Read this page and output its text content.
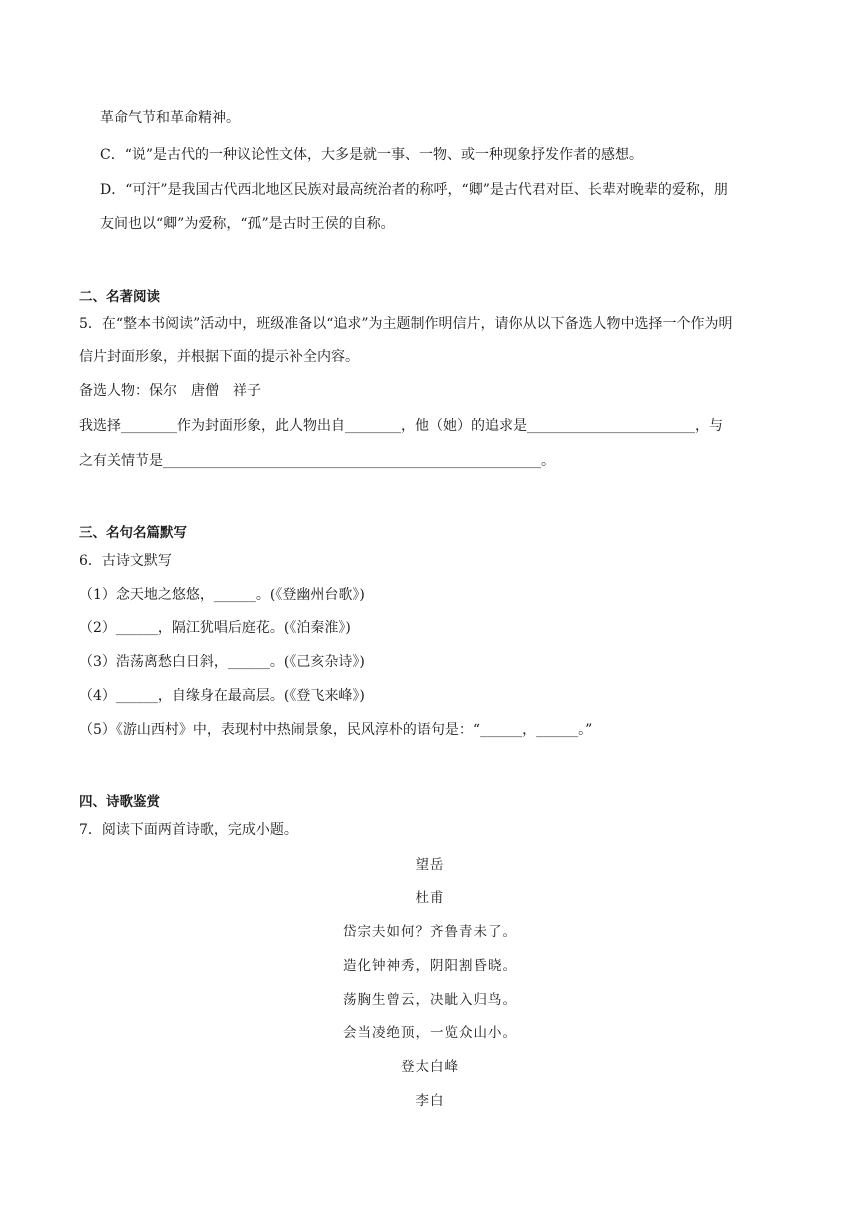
革命气节和革命精神。
C．“说”是古代的一种议论性文体，大多是就一事、一物、或一种现象抒发作者的感想。
D．“可汗”是我国古代西北地区民族对最高统治者的称呼，“卿”是古代君对臣、长辈对晚辈的爱称，朋
友间也以“卿”为爱称，“孤”是古时王侯的自称。
二、名著阅读
5．在“整本书阅读”活动中，班级准备以“追求”为主题制作明信片，请你从以下备选人物中选择一个作为明
信片封面形象，并根据下面的提示补全内容。
备选人物：保尔　唐僧　祥子
我选择________作为封面形象，此人物出自________，他（她）的追求是________________________，与
之有关情节是______________________________________________________。
三、名句名篇默写
6．古诗文默写
（1）念天地之悠悠，______。(《登幽州台歌》)
（2）______，隔江犹唱后庭花。(《泊秦淮》)
（3）浩荡离愁白日斜，______。(《己亥杂诗》)
（4）______，自缘身在最高层。(《登飞来峰》)
（5）《游山西村》中，表现村中热闹景象，民风淳朴的语句是：“______，______。”
四、诗歌鉴赏
7．阅读下面两首诗歌，完成小题。
望岳
杜甫
岱宗夫如何？齐鲁青未了。
造化钟神秀，阴阳割昏晓。
荡胸生曾云，决眦入归鸟。
会当凌绝顶，一览众山小。
登太白峰
李白
